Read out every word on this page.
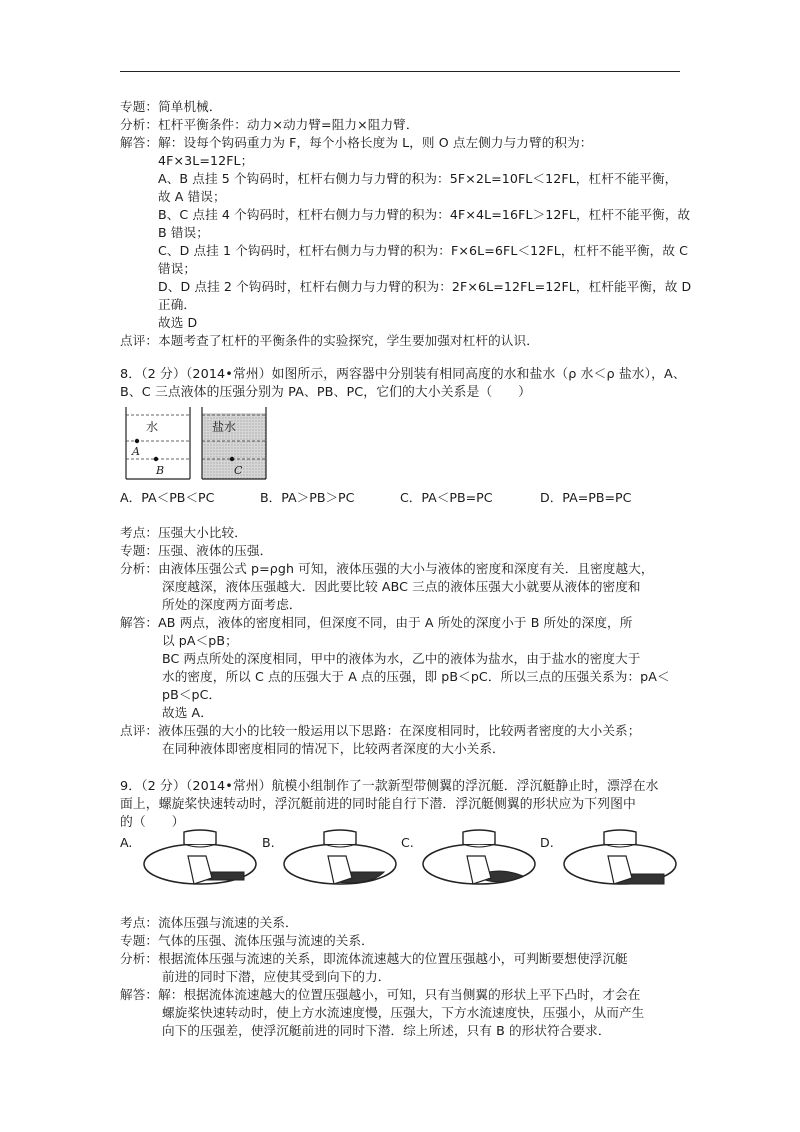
专题：简单机械．
分析：杠杆平衡条件：动力×动力臂=阻力×阻力臂．
解答：解：设每个钩码重力为 F，每个小格长度为 L，则 O 点左侧力与力臂的积为：
4F×3L=12FL；
A、B 点挂 5 个钩码时，杠杆右侧力与力臂的积为：5F×2L=10FL＜12FL，杠杆不能平衡，
故 A 错误；
B、C 点挂 4 个钩码时，杠杆右侧力与力臂的积为：4F×4L=16FL＞12FL，杠杆不能平衡，故
B 错误；
C、D 点挂 1 个钩码时，杠杆右侧力与力臂的积为：F×6L=6FL＜12FL，杠杆不能平衡，故 C
错误；
D、D 点挂 2 个钩码时，杠杆右侧力与力臂的积为：2F×6L=12FL=12FL，杠杆能平衡，故 D
正确．
故选 D
点评：本题考查了杠杆的平衡条件的实验探究，学生要加强对杠杆的认识．
8．（2 分）（2014•常州）如图所示，两容器中分别装有相同高度的水和盐水（ρ 水＜ρ 盐水），A、
B、C 三点液体的压强分别为 PA、PB、PC，它们的大小关系是（　　）
水
A
B
盐水
C
A．PA＜PB＜PC	B．PA＞PB＞PC	C．PA＜PB=PC	D．PA=PB=PC
考点：压强大小比较．
专题：压强、液体的压强．
分析：由液体压强公式 p=ρgh 可知，液体压强的大小与液体的密度和深度有关．且密度越大，
深度越深，液体压强越大．因此要比较 ABC 三点的液体压强大小就要从液体的密度和
所处的深度两方面考虑．
解答：AB 两点，液体的密度相同，但深度不同，由于 A 所处的深度小于 B 所处的深度，所
以 pA＜pB；
BC 两点所处的深度相同，甲中的液体为水，乙中的液体为盐水，由于盐水的密度大于
水的密度，所以 C 点的压强大于 A 点的压强，即 pB＜pC．所以三点的压强关系为：pA＜
pB＜pC．
故选 A．
点评：液体压强的大小的比较一般运用以下思路：在深度相同时，比较两者密度的大小关系；
在同种液体即密度相同的情况下，比较两者深度的大小关系．
9．（2 分）（2014•常州）航模小组制作了一款新型带侧翼的浮沉艇．浮沉艇静止时，漂浮在水
面上，螺旋桨快速转动时，浮沉艇前进的同时能自行下潜．浮沉艇侧翼的形状应为下列图中
的（　　）
A.	B.	C.	D.
考点：流体压强与流速的关系．
专题：气体的压强、流体压强与流速的关系．
分析：根据流体压强与流速的关系，即流体流速越大的位置压强越小，可判断要想使浮沉艇
前进的同时下潜，应使其受到向下的力．
解答：解：根据流体流速越大的位置压强越小，可知，只有当侧翼的形状上平下凸时，才会在
螺旋桨快速转动时，使上方水流速度慢，压强大，下方水流速度快，压强小，从而产生
向下的压强差，使浮沉艇前进的同时下潜．综上所述，只有 B 的形状符合要求．
